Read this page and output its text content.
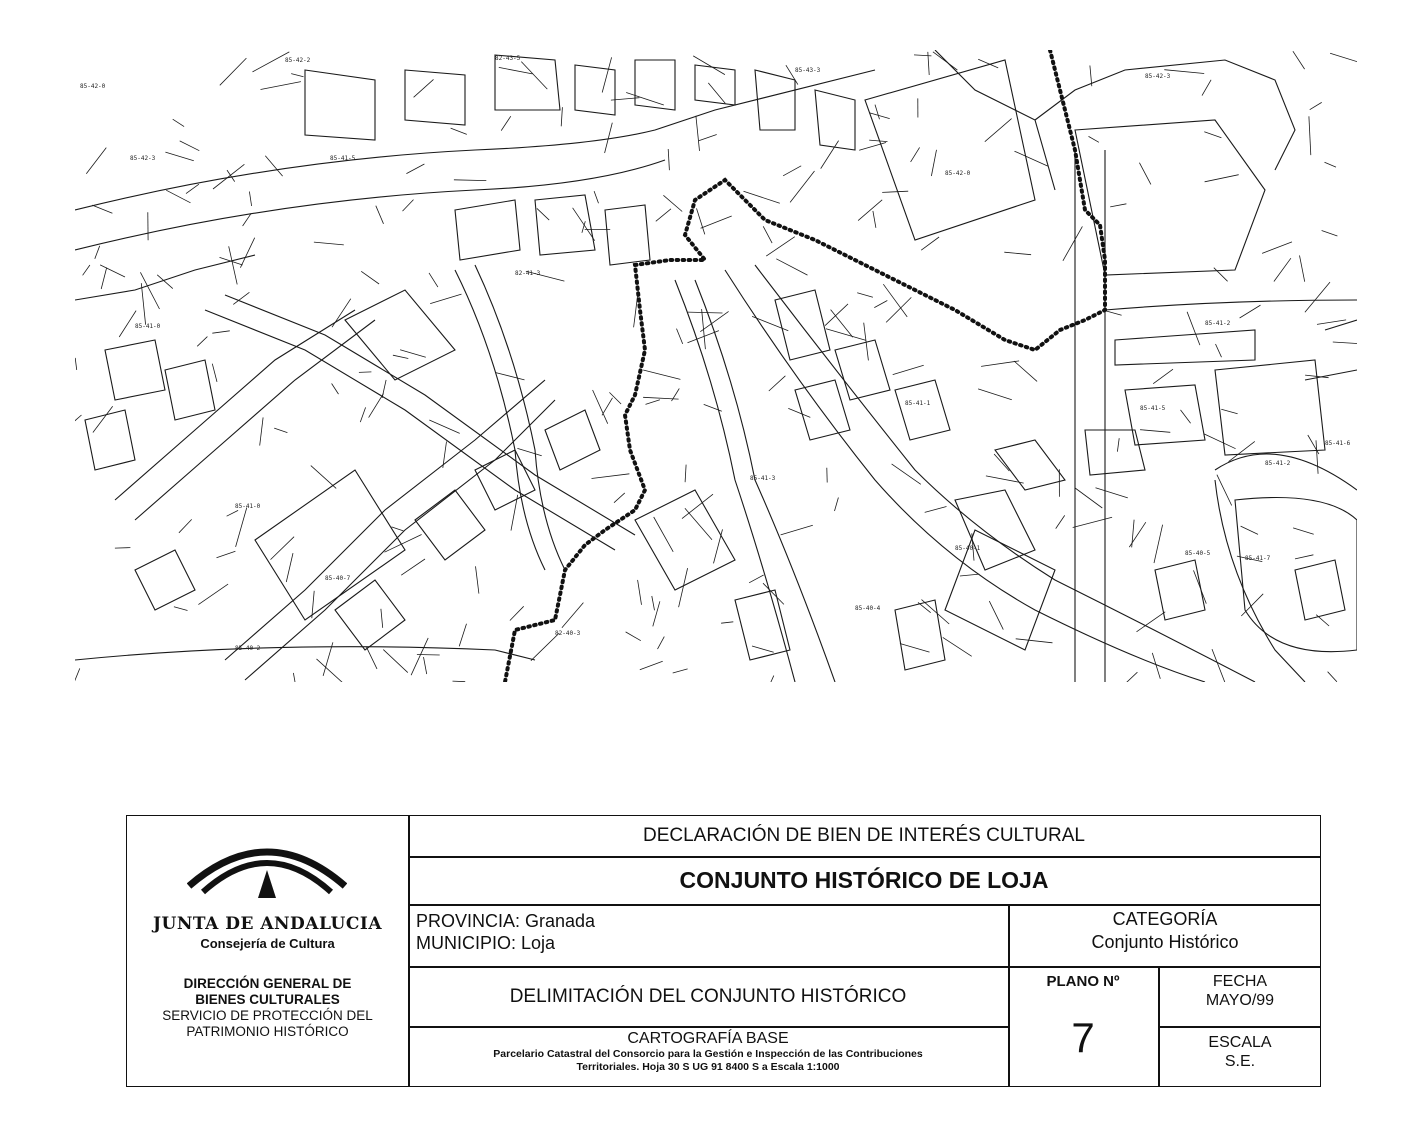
85-42-0
85-42-2	82-43-5
85-43-3
85-42-3
85-42-3
85-42-0
85-41-0
82-41-3
85-41-0
85-41-1
85-41-2
85-41-5
85-41-6
85-41-2
85-41-7
85-40-5
82-40-3
85-40-2
85-40-1
85-40-4
85-40-7
85-41-3
85-41-5
JUNTA DE ANDALUCIA
Consejería de Cultura
DIRECCIÓN GENERAL DE
BIENES CULTURALES
SERVICIO DE PROTECCIÓN DEL
PATRIMONIO HISTÓRICO
DECLARACIÓN DE BIEN DE INTERÉS CULTURAL
CONJUNTO HISTÓRICO DE LOJA
PROVINCIA: Granada
MUNICIPIO: Loja
CATEGORÍA
Conjunto Histórico
DELIMITACIÓN DEL CONJUNTO HISTÓRICO
CARTOGRAFÍA BASE
Parcelario Catastral del Consorcio para la Gestión e Inspección de las Contribuciones
Territoriales. Hoja 30 S UG 91 8400 S a Escala 1:1000
PLANO Nº
7
FECHA
MAYO/99
ESCALA
S.E.
